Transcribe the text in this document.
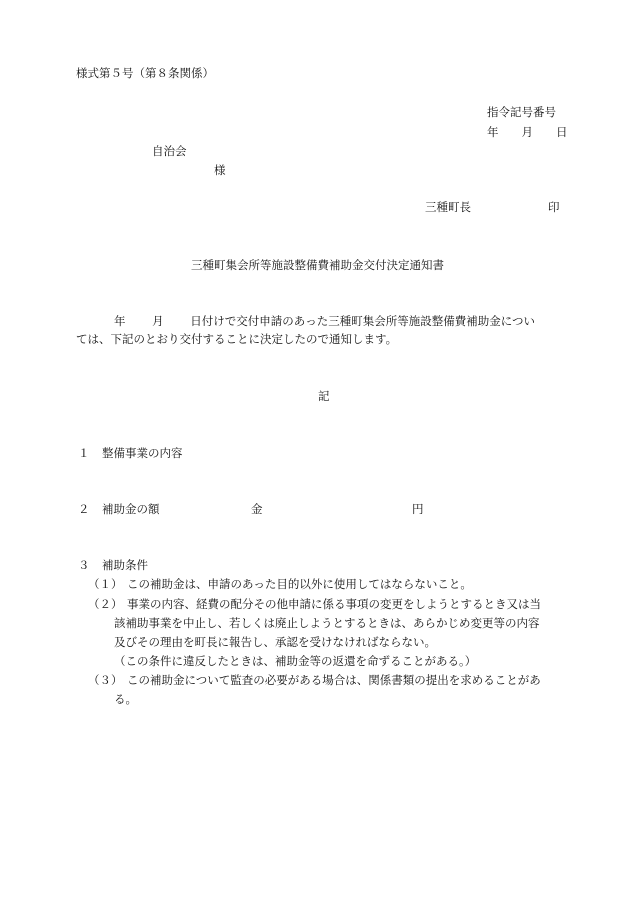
様式第５号（第８条関係）
指令記号番号
年　　月　　日
自治会
様
三種町長	印
三種町集会所等施設整備費補助金交付決定通知書
年　　 月　　 日付けで交付申請のあった三種町集会所等施設整備費補助金につい
ては、下記のとおり交付することに決定したので通知します。
記
１ 整備事業の内容
２ 補助金の額	金	円
３ 補助条件
（１） この補助金は、申請のあった目的以外に使用してはならないこと。
（２） 事業の内容、経費の配分その他申請に係る事項の変更をしようとするとき又は当
該補助事業を中止し、若しくは廃止しようとするときは、あらかじめ変更等の内容
及びその理由を町長に報告し、承認を受けなければならない。
（この条件に違反したときは、補助金等の返還を命ずることがある。）
（３） この補助金について監査の必要がある場合は、関係書類の提出を求めることがあ
る。
